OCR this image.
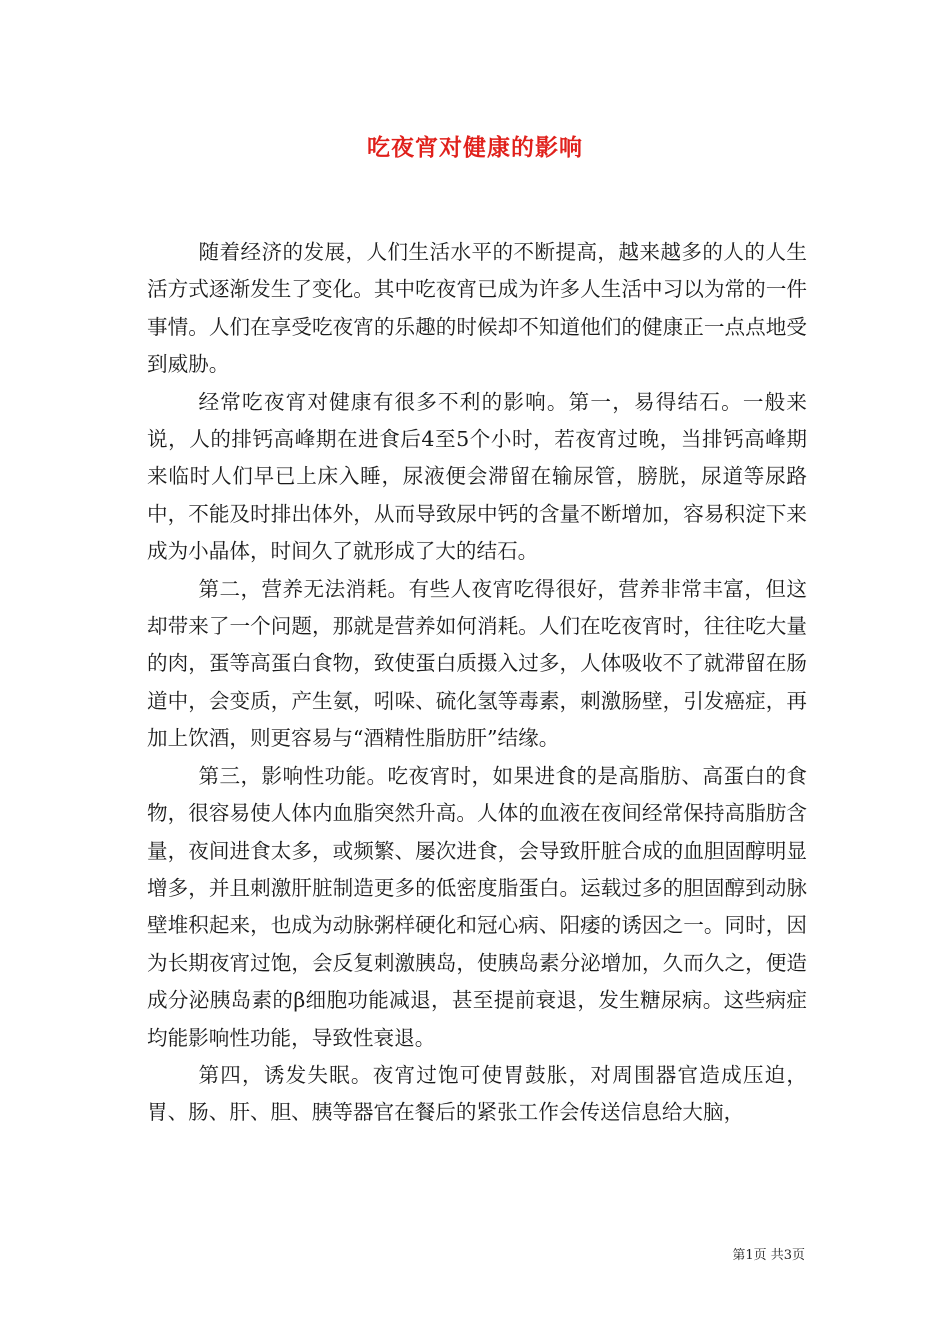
吃夜宵对健康的影响

随着经济的发展，人们生活水平的不断提高，越来越多的人的人生活方式逐渐发生了变化。其中吃夜宵已成为许多人生活中习以为常的一件事情。人们在享受吃夜宵的乐趣的时候却不知道他们的健康正一点点地受到威胁。

经常吃夜宵对健康有很多不利的影响。第一，易得结石。一般来说，人的排钙高峰期在进食后4至5个小时，若夜宵过晚，当排钙高峰期来临时人们早已上床入睡，尿液便会滞留在输尿管，膀胱，尿道等尿路中，不能及时排出体外，从而导致尿中钙的含量不断增加，容易积淀下来成为小晶体，时间久了就形成了大的结石。

第二，营养无法消耗。有些人夜宵吃得很好，营养非常丰富，但这却带来了一个问题，那就是营养如何消耗。人们在吃夜宵时，往往吃大量的肉，蛋等高蛋白食物，致使蛋白质摄入过多，人体吸收不了就滞留在肠道中，会变质，产生氨，吲哚、硫化氢等毒素，刺激肠壁，引发癌症，再加上饮酒，则更容易与“酒精性脂肪肝”结缘。

第三，影响性功能。吃夜宵时，如果进食的是高脂肪、高蛋白的食物，很容易使人体内血脂突然升高。人体的血液在夜间经常保持高脂肪含量，夜间进食太多，或频繁、屡次进食，会导致肝脏合成的血胆固醇明显增多，并且刺激肝脏制造更多的低密度脂蛋白。运载过多的胆固醇到动脉壁堆积起来，也成为动脉粥样硬化和冠心病、阳痿的诱因之一。同时，因为长期夜宵过饱，会反复刺激胰岛，使胰岛素分泌增加，久而久之，便造成分泌胰岛素的β细胞功能减退，甚至提前衰退，发生糖尿病。这些病症均能影响性功能，导致性衰退。

第四，诱发失眠。夜宵过饱可使胃鼓胀，对周围器官造成压迫，胃、肠、肝、胆、胰等器官在餐后的紧张工作会传送信息给大脑，

第1页 共3页
